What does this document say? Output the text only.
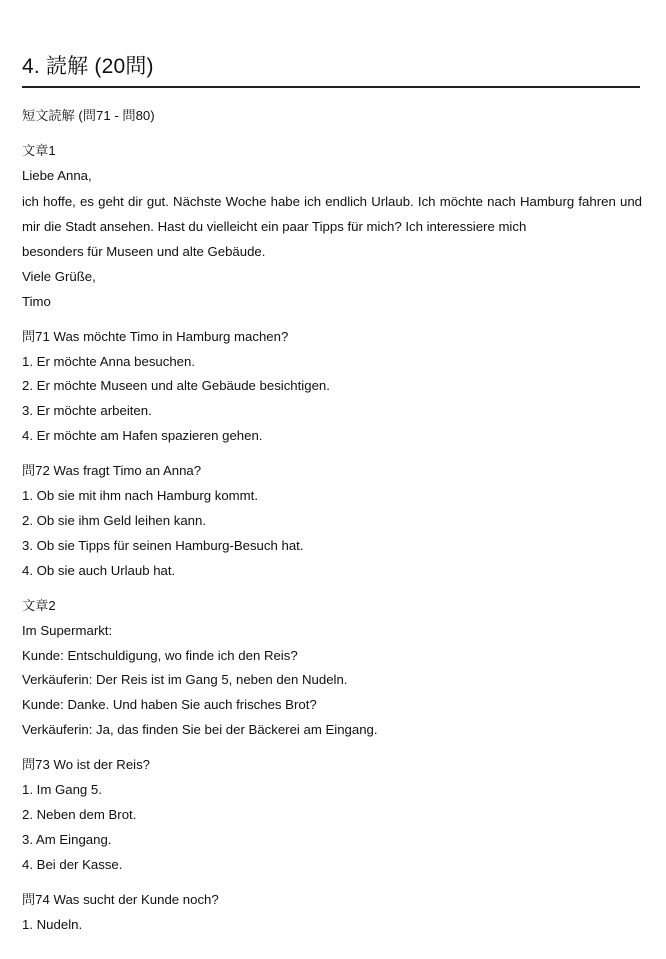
4. 読解 (20問)

短文読解 (問71 - 問80)

文章1

Liebe Anna,

ich hoffe, es geht dir gut. Nächste Woche habe ich endlich Urlaub. Ich möchte nach Hamburg fahren und mir die Stadt ansehen. Hast du vielleicht ein paar Tipps für mich? Ich interessiere mich

besonders für Museen und alte Gebäude.

Viele Grüße,

Timo

問71 Was möchte Timo in Hamburg machen?

1. Er möchte Anna besuchen.

2. Er möchte Museen und alte Gebäude besichtigen.

3. Er möchte arbeiten.

4. Er möchte am Hafen spazieren gehen.

問72 Was fragt Timo an Anna?

1. Ob sie mit ihm nach Hamburg kommt.

2. Ob sie ihm Geld leihen kann.

3. Ob sie Tipps für seinen Hamburg-Besuch hat.

4. Ob sie auch Urlaub hat.

文章2

Im Supermarkt:

Kunde: Entschuldigung, wo finde ich den Reis?

Verkäuferin: Der Reis ist im Gang 5, neben den Nudeln.

Kunde: Danke. Und haben Sie auch frisches Brot?

Verkäuferin: Ja, das finden Sie bei der Bäckerei am Eingang.

問73 Wo ist der Reis?

1. Im Gang 5.

2. Neben dem Brot.

3. Am Eingang.

4. Bei der Kasse.

問74 Was sucht der Kunde noch?

1. Nudeln.
